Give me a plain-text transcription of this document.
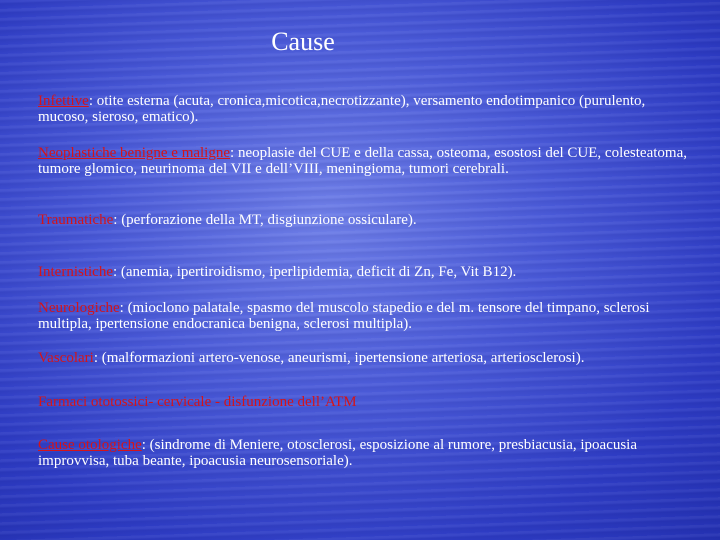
Cause
Infettive: otite esterna (acuta, cronica,micotica,necrotizzante), versamento endotimpanico (purulento, mucoso, sieroso, ematico).
Neoplastiche benigne e maligne: neoplasie del CUE e della cassa, osteoma, esostosi del CUE, colesteatoma, tumore glomico, neurinoma del VII e dell’VIII, meningioma, tumori cerebrali.
Traumatiche: (perforazione della MT, disgiunzione ossiculare).
Internistiche: (anemia, ipertiroidismo, iperlipidemia, deficit di Zn, Fe, Vit B12).
Neurologiche: (mioclono palatale, spasmo del muscolo stapedio e del m. tensore del timpano, sclerosi multipla, ipertensione endocranica benigna, sclerosi multipla).
Vascolari: (malformazioni artero-venose, aneurismi, ipertensione arteriosa, arteriosclerosi).
Farmaci ototossici- cervicale - disfunzione dell’ATM
Cause otologiche: (sindrome di Meniere, otosclerosi, esposizione al rumore, presbiacusia, ipoacusia improvvisa, tuba beante, ipoacusia neurosensoriale).
